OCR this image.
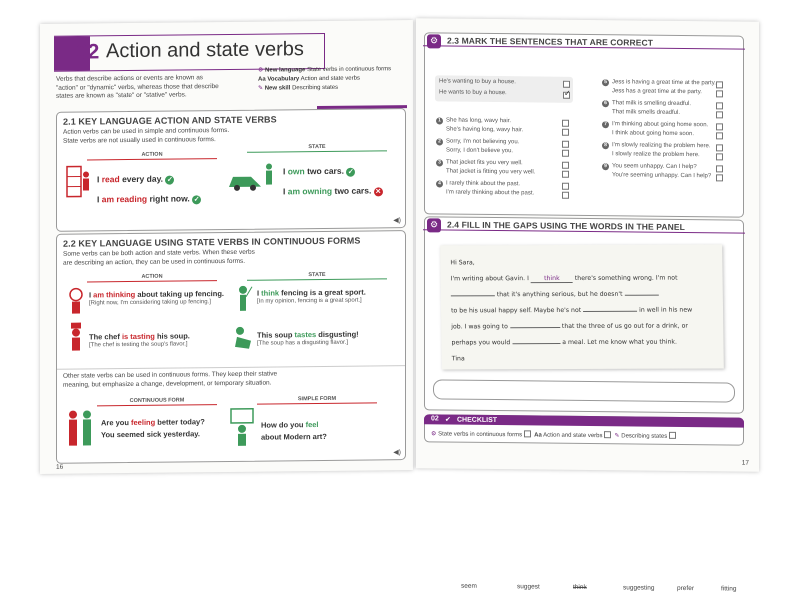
02 Action and state verbs
Verbs that describe actions or events are known as
"action" or "dynamic" verbs, whereas those that describe
states are known as "state" or "stative" verbs.
⚙ New language State verbs in continuous forms
Aa Vocabulary Action and state verbs
✎ New skill Describing states
2.1 KEY LANGUAGE ACTION AND STATE VERBS
Action verbs can be used in simple and continuous forms.
State verbs are not usually used in continuous forms.
ACTION
STATE
I read every day. ✓
I am reading right now. ✓
I own two cars. ✓
I am owning two cars. ✕
◀)
2.2 KEY LANGUAGE USING STATE VERBS IN CONTINUOUS FORMS
Some verbs can be both action and state verbs. When these verbs
are describing an action, they can be used in continuous forms.
ACTION	STATE
I am thinking about taking up fencing.
[Right now, I'm considering taking up fencing.]
I think fencing is a great sport.
[In my opinion, fencing is a great sport.]
The chef is tasting his soup.
[The chef is testing the soup's flavor.]
This soup tastes disgusting!
[The soup has a disgusting flavor.]
Other state verbs can be used in continuous forms. They keep their stative
meaning, but emphasize a change, development, or temporary situation.
CONTINUOUS FORM	SIMPLE FORM
Are you feeling better today?
You seemed sick yesterday.
How do you feel
about Modern art?
◀)
16
⚙ 2.3 MARK THE SENTENCES THAT ARE CORRECT
He's wanting to buy a house.
He wants to buy a house.	✓
1 She has long, wavy hair.
She's having long, wavy hair.
2 Sorry, I'm not believing you.
Sorry, I don't believe you.
3 That jacket fits you very well.
That jacket is fitting you very well.
4 I rarely think about the past.
I'm rarely thinking about the past.
5 Jess is having a great time at the party.
Jess has a great time at the party.
6 That milk is smelling dreadful.
That milk smells dreadful.
7 I'm thinking about going home soon.
I think about going home soon.
8 I'm slowly realizing the problem here.
I slowly realize the problem here.
9 You seem unhappy. Can I help?
You're seeming unhappy. Can I help?
⚙ 2.4 FILL IN THE GAPS USING THE WORDS IN THE PANEL
Hi Sara,
I'm writing about Gavin. I think there's something wrong. I'm not
that it's anything serious, but he doesn't
to be his usual happy self. Maybe he's not	in well in his new
job. I was going to	that the three of us go out for a drink, or
perhaps you would	a meal. Let me know what you think.
Tina
seem	suggest	think	suggesting	prefer	fitting
02 ✔ CHECKLIST
⚙ State verbs in continuous forms Aa Action and state verbs ✎ Describing states
17
